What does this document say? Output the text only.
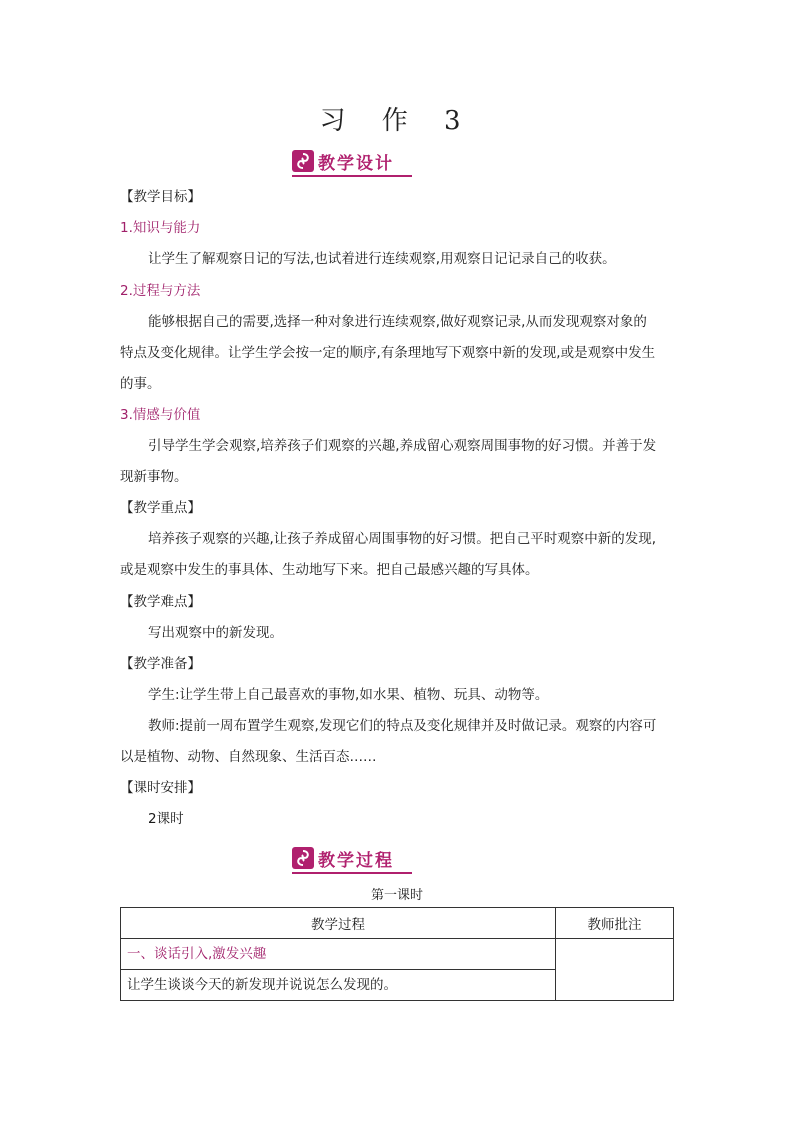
习 作 3
教学设计
【教学目标】
1.知识与能力
让学生了解观察日记的写法,也试着进行连续观察,用观察日记记录自己的收获。
2.过程与方法
能够根据自己的需要,选择一种对象进行连续观察,做好观察记录,从而发现观察对象的
特点及变化规律。让学生学会按一定的顺序,有条理地写下观察中新的发现,或是观察中发生
的事。
3.情感与价值
引导学生学会观察,培养孩子们观察的兴趣,养成留心观察周围事物的好习惯。并善于发
现新事物。
【教学重点】
培养孩子观察的兴趣,让孩子养成留心周围事物的好习惯。把自己平时观察中新的发现,
或是观察中发生的事具体、生动地写下来。把自己最感兴趣的写具体。
【教学难点】
写出观察中的新发现。
【教学准备】
学生:让学生带上自己最喜欢的事物,如水果、植物、玩具、动物等。
教师:提前一周布置学生观察,发现它们的特点及变化规律并及时做记录。观察的内容可
以是植物、动物、自然现象、生活百态……
【课时安排】
2课时
教学过程
第一课时
教学过程	教师批注

一、谈话引入,激发兴趣
让学生谈谈今天的新发现并说说怎么发现的。	
